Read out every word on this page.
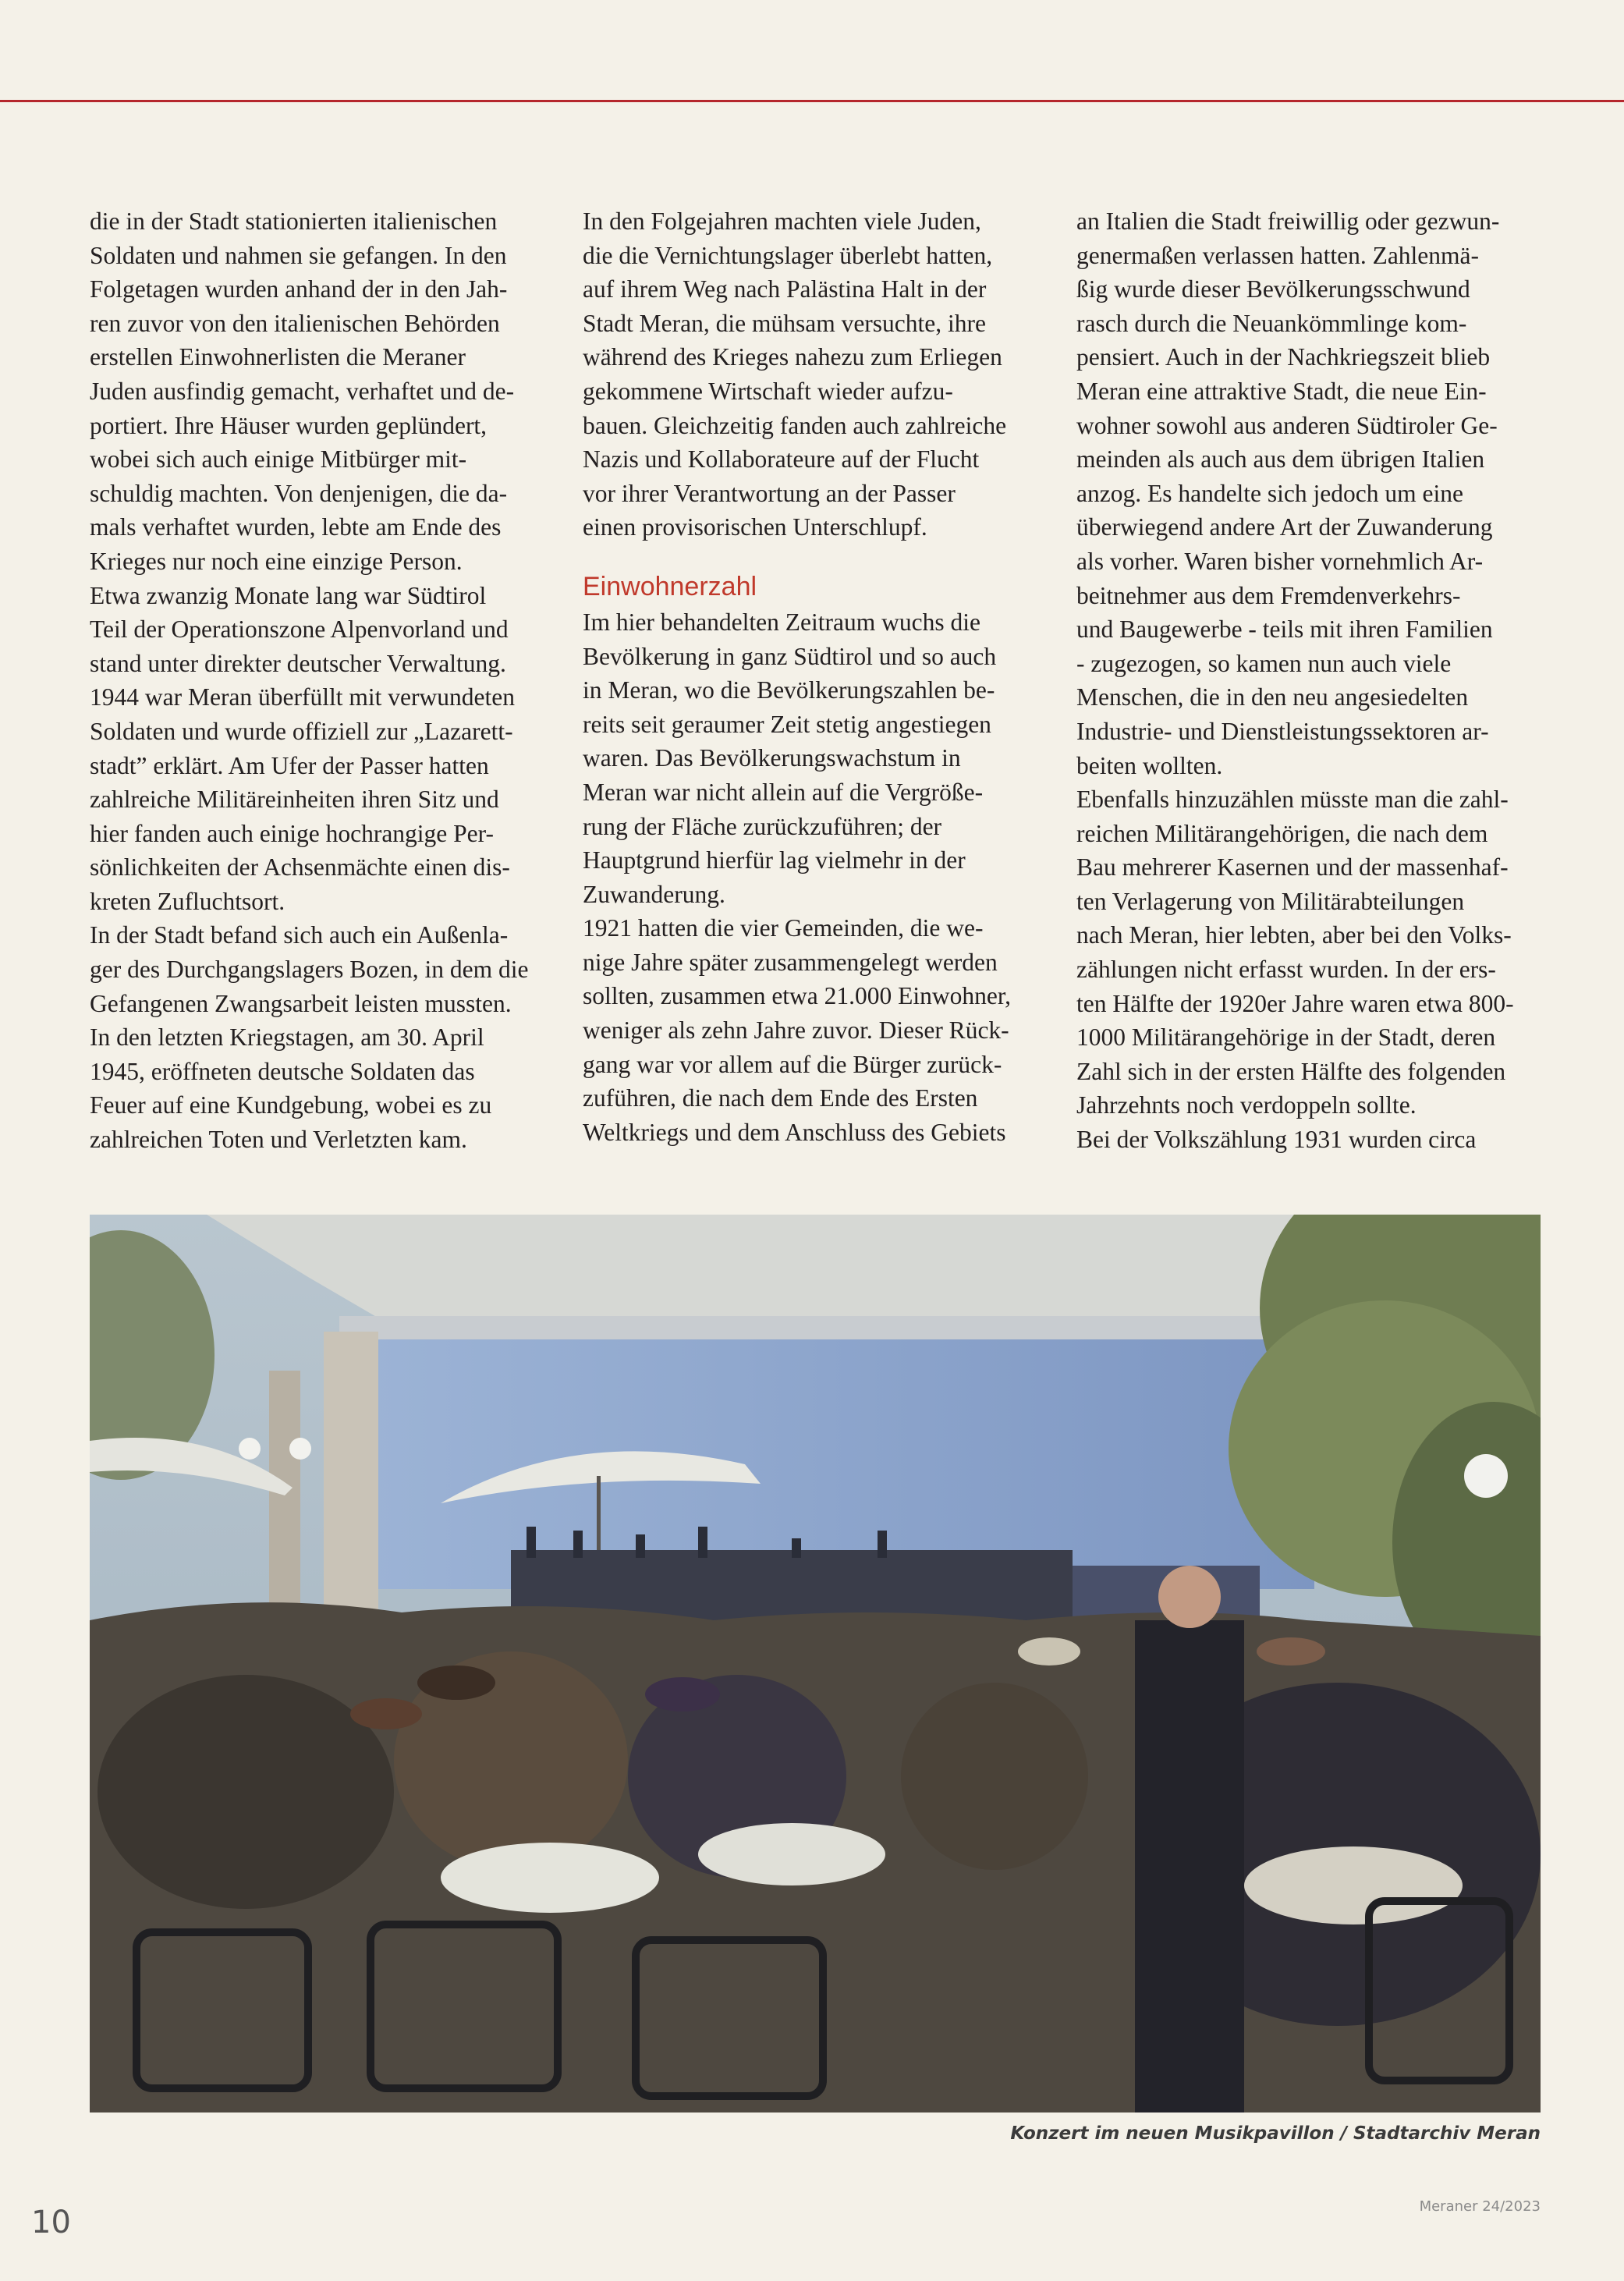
die in der Stadt stationierten italienischen

Soldaten und nahmen sie gefangen. In den

Folgetagen wurden anhand der in den Jah-

ren zuvor von den italienischen Behörden

erstellen Einwohnerlisten die Meraner

Juden ausfindig gemacht, verhaftet und de-

portiert. Ihre Häuser wurden geplündert,

wobei sich auch einige Mitbürger mit-

schuldig machten. Von denjenigen, die da-

mals verhaftet wurden, lebte am Ende des

Krieges nur noch eine einzige Person.

Etwa zwanzig Monate lang war Südtirol

Teil der Operationszone Alpenvorland und

stand unter direkter deutscher Verwaltung.

1944 war Meran überfüllt mit verwundeten

Soldaten und wurde offiziell zur „Lazarett-

stadt” erklärt. Am Ufer der Passer hatten

zahlreiche Militäreinheiten ihren Sitz und

hier fanden auch einige hochrangige Per-

sönlichkeiten der Achsenmächte einen dis-

kreten Zufluchtsort.

In der Stadt befand sich auch ein Außenla-

ger des Durchgangslagers Bozen, in dem die

Gefangenen Zwangsarbeit leisten mussten.

In den letzten Kriegstagen, am 30. April

1945, eröffneten deutsche Soldaten das

Feuer auf eine Kundgebung, wobei es zu

zahlreichen Toten und Verletzten kam.

In den Folgejahren machten viele Juden,

die die Vernichtungslager überlebt hatten,

auf ihrem Weg nach Palästina Halt in der

Stadt Meran, die mühsam versuchte, ihre

während des Krieges nahezu zum Erliegen

gekommene Wirtschaft wieder aufzu-

bauen. Gleichzeitig fanden auch zahlreiche

Nazis und Kollaborateure auf der Flucht

vor ihrer Verantwortung an der Passer

einen provisorischen Unterschlupf.

Einwohnerzahl

Im hier behandelten Zeitraum wuchs die

Bevölkerung in ganz Südtirol und so auch

in Meran, wo die Bevölkerungszahlen be-

reits seit geraumer Zeit stetig angestiegen

waren. Das Bevölkerungswachstum in

Meran war nicht allein auf die Vergröße-

rung der Fläche zurückzuführen; der

Hauptgrund hierfür lag vielmehr in der

Zuwanderung.

1921 hatten die vier Gemeinden, die we-

nige Jahre später zusammengelegt werden

sollten, zusammen etwa 21.000 Einwohner,

weniger als zehn Jahre zuvor. Dieser Rück-

gang war vor allem auf die Bürger zurück-

zuführen, die nach dem Ende des Ersten

Weltkriegs und dem Anschluss des Gebiets

an Italien die Stadt freiwillig oder gezwun-

genermaßen verlassen hatten. Zahlenmä-

ßig wurde dieser Bevölkerungsschwund

rasch durch die Neuankömmlinge kom-

pensiert. Auch in der Nachkriegszeit blieb

Meran eine attraktive Stadt, die neue Ein-

wohner sowohl aus anderen Südtiroler Ge-

meinden als auch aus dem übrigen Italien

anzog. Es handelte sich jedoch um eine

überwiegend andere Art der Zuwanderung

als vorher. Waren bisher vornehmlich Ar-

beitnehmer aus dem Fremdenverkehrs-

und Baugewerbe - teils mit ihren Familien

- zugezogen, so kamen nun auch viele

Menschen, die in den neu angesiedelten

Industrie- und Dienstleistungssektoren ar-

beiten wollten.

Ebenfalls hinzuzählen müsste man die zahl-

reichen Militärangehörigen, die nach dem

Bau mehrerer Kasernen und der massenhaf-

ten Verlagerung von Militärabteilungen

nach Meran, hier lebten, aber bei den Volks-

zählungen nicht erfasst wurden. In der ers-

ten Hälfte der 1920er Jahre waren etwa 800-

1000 Militärangehörige in der Stadt, deren

Zahl sich in der ersten Hälfte des folgenden

Jahrzehnts noch verdoppeln sollte.

Bei der Volkszählung 1931 wurden circa

Konzert im neuen Musikpavillon / Stadtarchiv Meran
10	Meraner 24/2023
